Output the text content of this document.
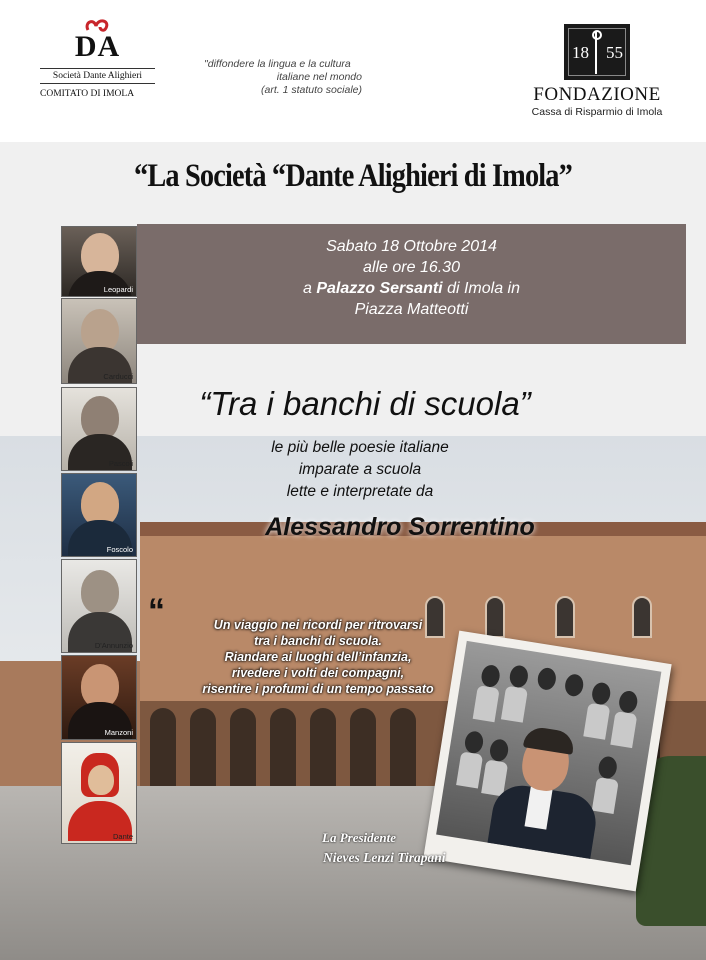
DA
Società Dante Alighieri
COMITATO DI IMOLA
"diffondere la lingua e la cultura
italiane nel mondo
(art. 1 statuto sociale)
18 55
FONDAZIONE
Cassa di Risparmio di Imola
“La Società “Dante Alighieri di Imola”
Sabato 18 Ottobre 2014
alle ore 16.30
a Palazzo Sersanti di Imola in
Piazza Matteotti
“Tra i banchi di scuola”
le più belle poesie italiane
imparate a scuola
lette e interpretate da
Alessandro Sorrentino
“	Un viaggio nei ricordi per ritrovarsi
tra i banchi di scuola.
Riandare ai luoghi dell’infanzia,
rivedere i volti dei compagni,
risentire i profumi di un tempo passato
Leopardi
Carducci
Pascoli
Foscolo
D'Annunzio
Manzoni
Dante	La Presidente
Nieves Lenzi Tirapani
